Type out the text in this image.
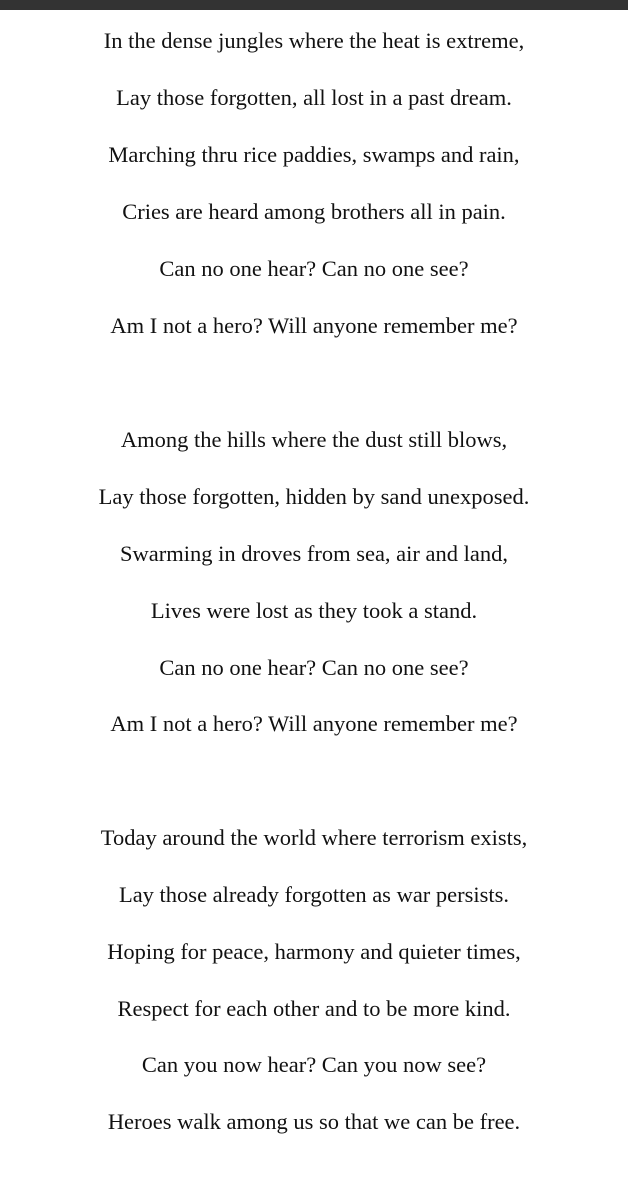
In the dense jungles where the heat is extreme,
Lay those forgotten, all lost in a past dream.
Marching thru rice paddies, swamps and rain,
Cries are heard among brothers all in pain.
Can no one hear? Can no one see?
Am I not a hero? Will anyone remember me?
Among the hills where the dust still blows,
Lay those forgotten, hidden by sand unexposed.
Swarming in droves from sea, air and land,
Lives were lost as they took a stand.
Can no one hear? Can no one see?
Am I not a hero? Will anyone remember me?
Today around the world where terrorism exists,
Lay those already forgotten as war persists.
Hoping for peace, harmony and quieter times,
Respect for each other and to be more kind.
Can you now hear? Can you now see?
Heroes walk among us so that we can be free.
